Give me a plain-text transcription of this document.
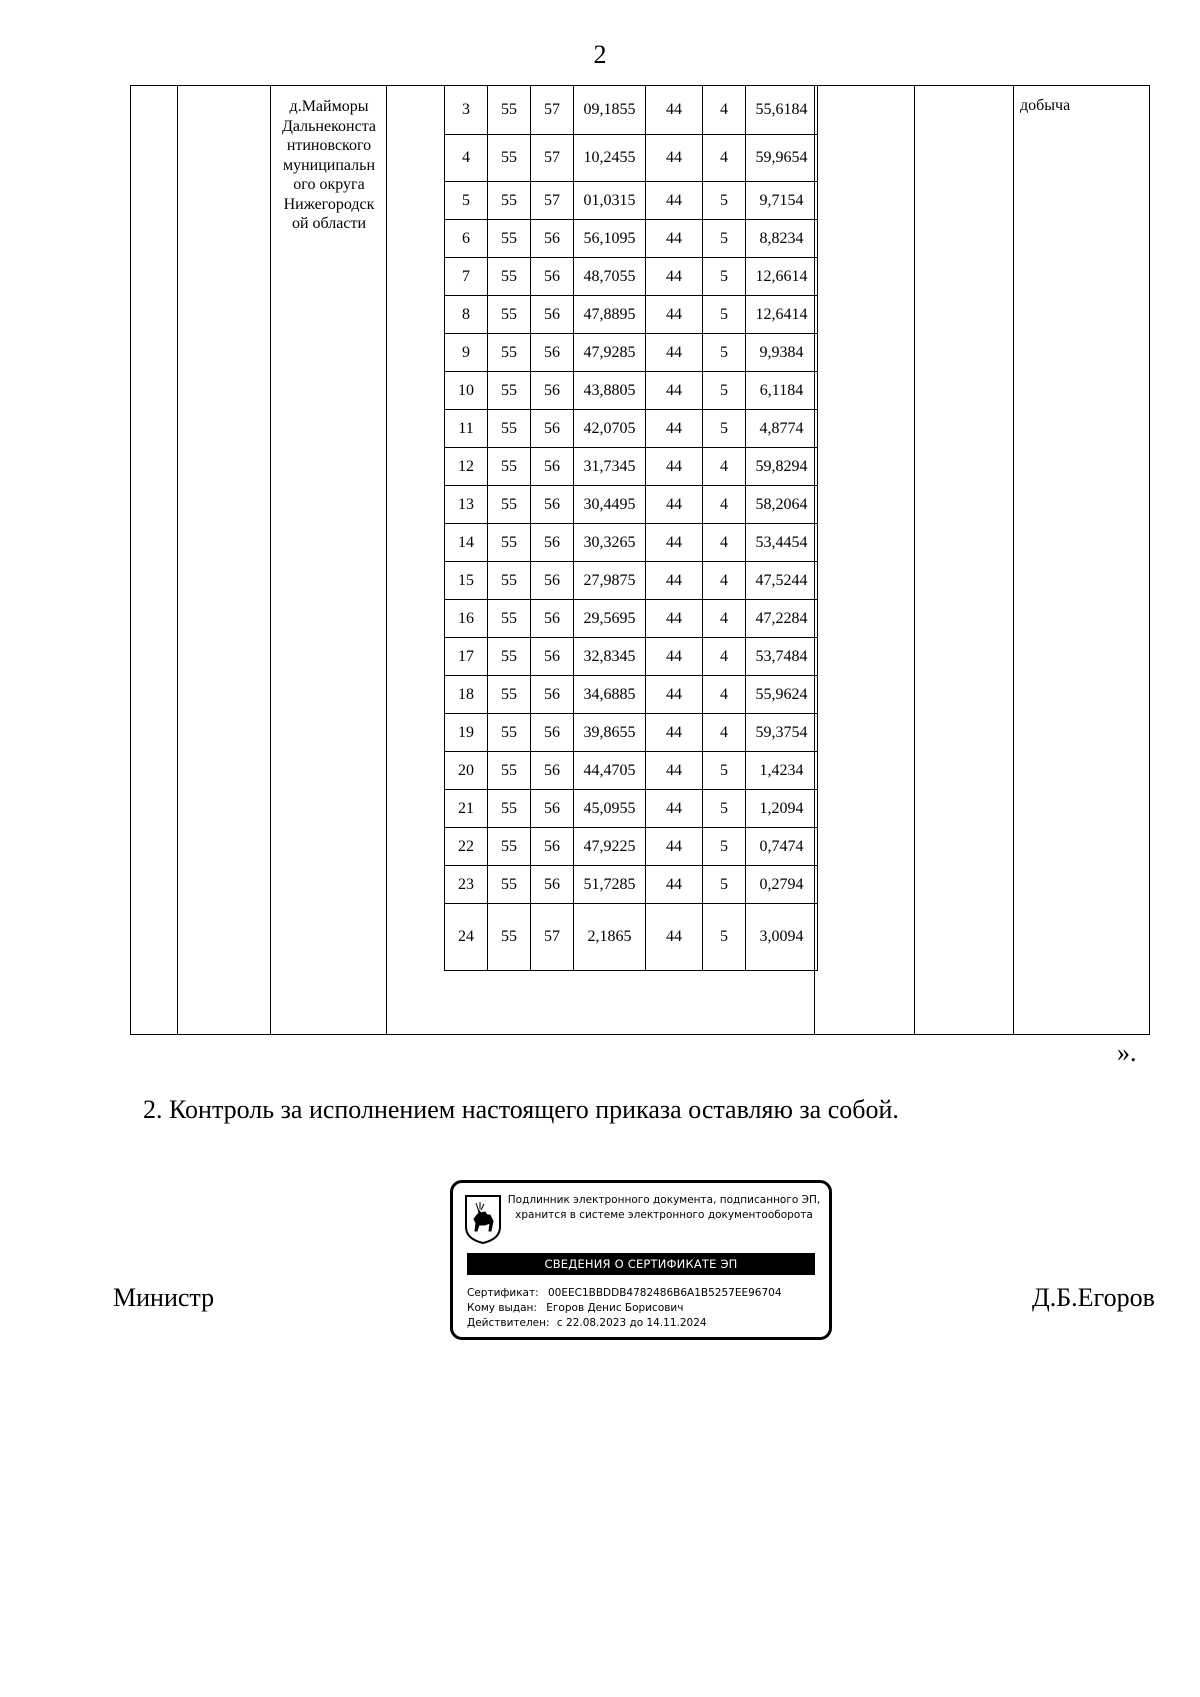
2
д.Маймoры
Дальнеконста
нтиновского
муниципальн
ого округа
Нижегородск
ой области
добыча
3	55	57	09,1855	44	4	55,6184
4	55	57	10,2455	44	4	59,9654
5	55	57	01,0315	44	5	9,7154
6	55	56	56,1095	44	5	8,8234
7	55	56	48,7055	44	5	12,6614
8	55	56	47,8895	44	5	12,6414
9	55	56	47,9285	44	5	9,9384
10	55	56	43,8805	44	5	6,1184
11	55	56	42,0705	44	5	4,8774
12	55	56	31,7345	44	4	59,8294
13	55	56	30,4495	44	4	58,2064
14	55	56	30,3265	44	4	53,4454
15	55	56	27,9875	44	4	47,5244
16	55	56	29,5695	44	4	47,2284
17	55	56	32,8345	44	4	53,7484
18	55	56	34,6885	44	4	55,9624
19	55	56	39,8655	44	4	59,3754
20	55	56	44,4705	44	5	1,4234
21	55	56	45,0955	44	5	1,2094
22	55	56	47,9225	44	5	0,7474
23	55	56	51,7285	44	5	0,2794
24	55	57	2,1865	44	5	3,0094
».
2. Контроль за исполнением настоящего приказа оставляю за собой.
Министр	Д.Б.Егоров
Подлинник электронного документа, подписанного ЭП,
хранится в системе электронного документооборота
СВЕДЕНИЯ О СЕРТИФИКАТЕ ЭП
Сертификат: 00EEC1BBDDB4782486B6A1B5257EE96704
Кому выдан: Егоров Денис Борисович
Действителен: с 22.08.2023 до 14.11.2024
